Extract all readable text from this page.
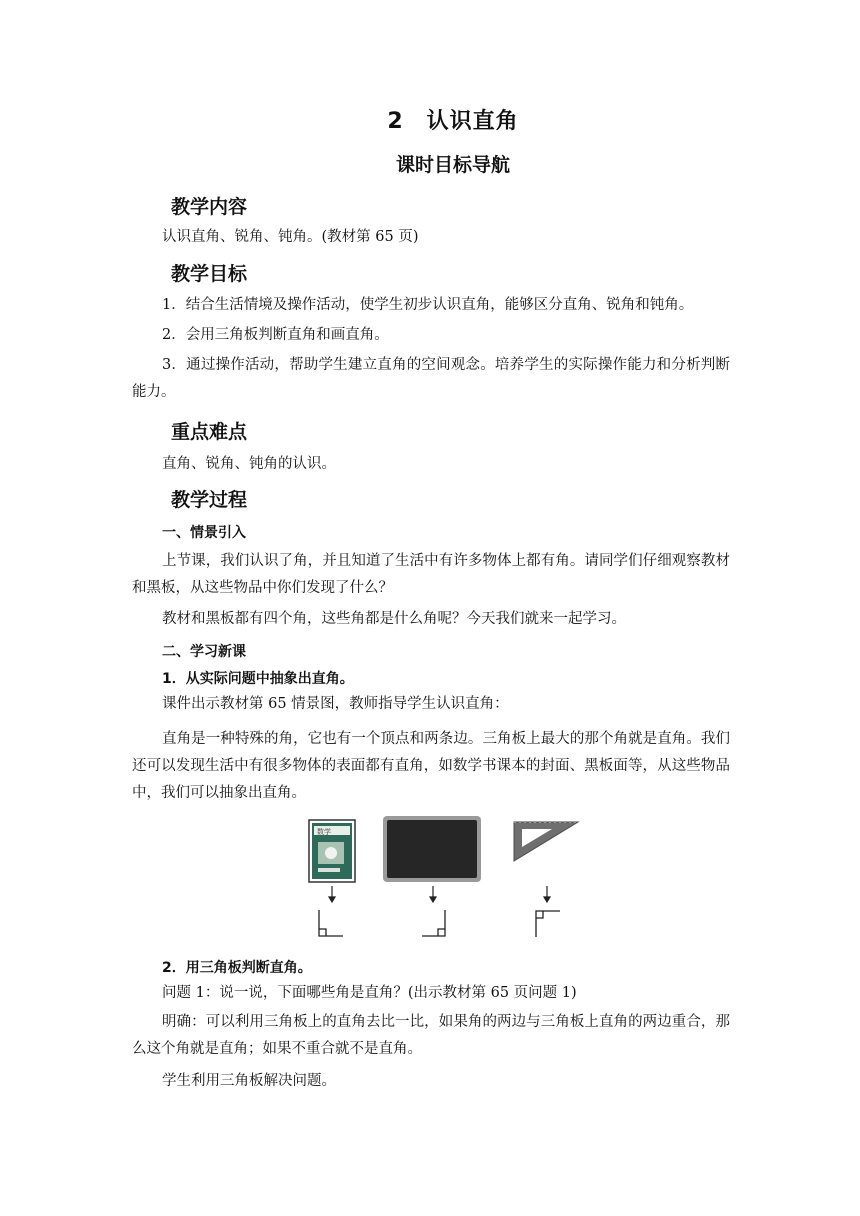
2　认识直角
课时目标导航
教学内容
认识直角、锐角、钝角。(教材第 65 页)
教学目标
1．结合生活情境及操作活动，使学生初步认识直角，能够区分直角、锐角和钝角。
2．会用三角板判断直角和画直角。
3．通过操作活动，帮助学生建立直角的空间观念。培养学生的实际操作能力和分析判断能力。
重点难点
直角、锐角、钝角的认识。
教学过程
一、情景引入
上节课，我们认识了角，并且知道了生活中有许多物体上都有角。请同学们仔细观察教材和黑板，从这些物品中你们发现了什么？
教材和黑板都有四个角，这些角都是什么角呢？今天我们就来一起学习。
二、学习新课
1．从实际问题中抽象出直角。
课件出示教材第 65 情景图，教师指导学生认识直角：
直角是一种特殊的角，它也有一个顶点和两条边。三角板上最大的那个角就是直角。我们还可以发现生活中有很多物体的表面都有直角，如数学书课本的封面、黑板面等，从这些物品中，我们可以抽象出直角。
数学
2．用三角板判断直角。
问题 1：说一说，下面哪些角是直角？(出示教材第 65 页问题 1)
明确：可以利用三角板上的直角去比一比，如果角的两边与三角板上直角的两边重合，那么这个角就是直角；如果不重合就不是直角。
学生利用三角板解决问题。
